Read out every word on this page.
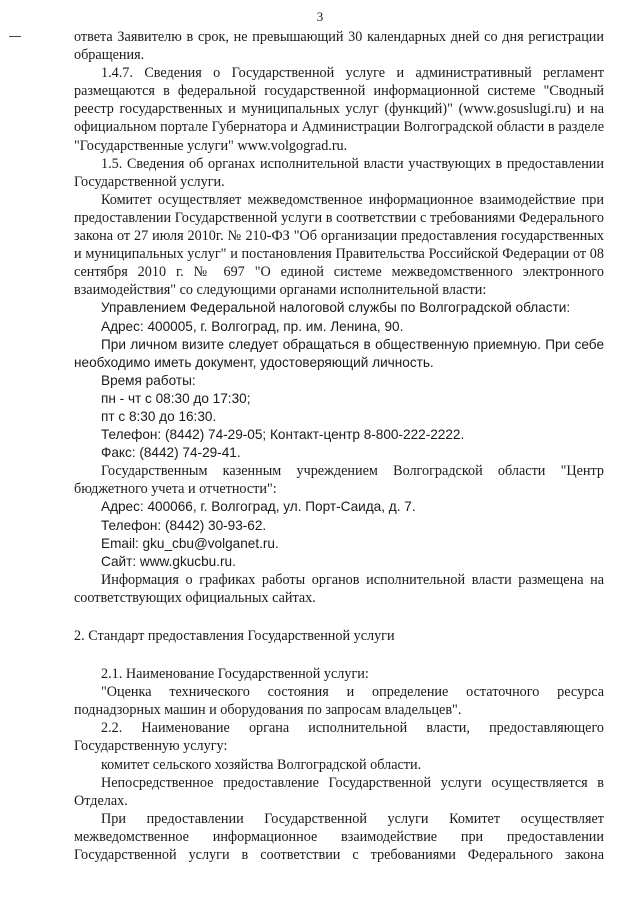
3

ответа Заявителю в срок, не превышающий 30 календарных дней со дня регистрации обращения.

1.4.7. Сведения о Государственной услуге и административный регламент размещаются в федеральной государственной информационной системе "Сводный реестр государственных и муниципальных услуг (функций)" (www.gosuslugi.ru) и на официальном портале Губернатора и Администрации Волгоградской области в разделе "Государственные услуги" www.volgograd.ru.

1.5. Сведения об органах исполнительной власти участвующих в предоставлении Государственной услуги.

Комитет осуществляет межведомственное информационное взаимодействие при предоставлении Государственной услуги в соответствии с требованиями Федерального закона от 27 июля 2010г. № 210-ФЗ "Об организации предоставления государственных и муниципальных услуг" и постановления Правительства Российской Федерации от 08 сентября 2010 г. № 697 "О единой системе межведомственного электронного взаимодействия" со следующими органами исполнительной власти:

Управлением Федеральной налоговой службы по Волгоградской области:

Адрес: 400005, г. Волгоград, пр. им. Ленина, 90.

При личном визите следует обращаться в общественную приемную. При себе необходимо иметь документ, удостоверяющий личность.

Время работы:

пн - чт с 08:30 до 17:30;

пт с 8:30 до 16:30.

Телефон: (8442) 74-29-05; Контакт-центр 8-800-222-2222.

Факс: (8442) 74-29-41.

Государственным казенным учреждением Волгоградской области "Центр бюджетного учета и отчетности":

Адрес: 400066, г. Волгоград, ул. Порт-Саида, д. 7.

Телефон: (8442) 30-93-62.

Email: gku_cbu@volganet.ru.

Сайт: www.gkucbu.ru.

Информация о графиках работы органов исполнительной власти размещена на соответствующих официальных сайтах.

2. Стандарт предоставления Государственной услуги

2.1. Наименование Государственной услуги:

"Оценка технического состояния и определение остаточного ресурса поднадзорных машин и оборудования по запросам владельцев".

2.2. Наименование органа исполнительной власти, предоставляющего Государственную услугу:

комитет сельского хозяйства Волгоградской области.

Непосредственное предоставление Государственной услуги осуществляется в Отделах.

При предоставлении Государственной услуги Комитет осуществляет межведомственное информационное взаимодействие при предоставлении Государственной услуги в соответствии с требованиями Федерального закона
